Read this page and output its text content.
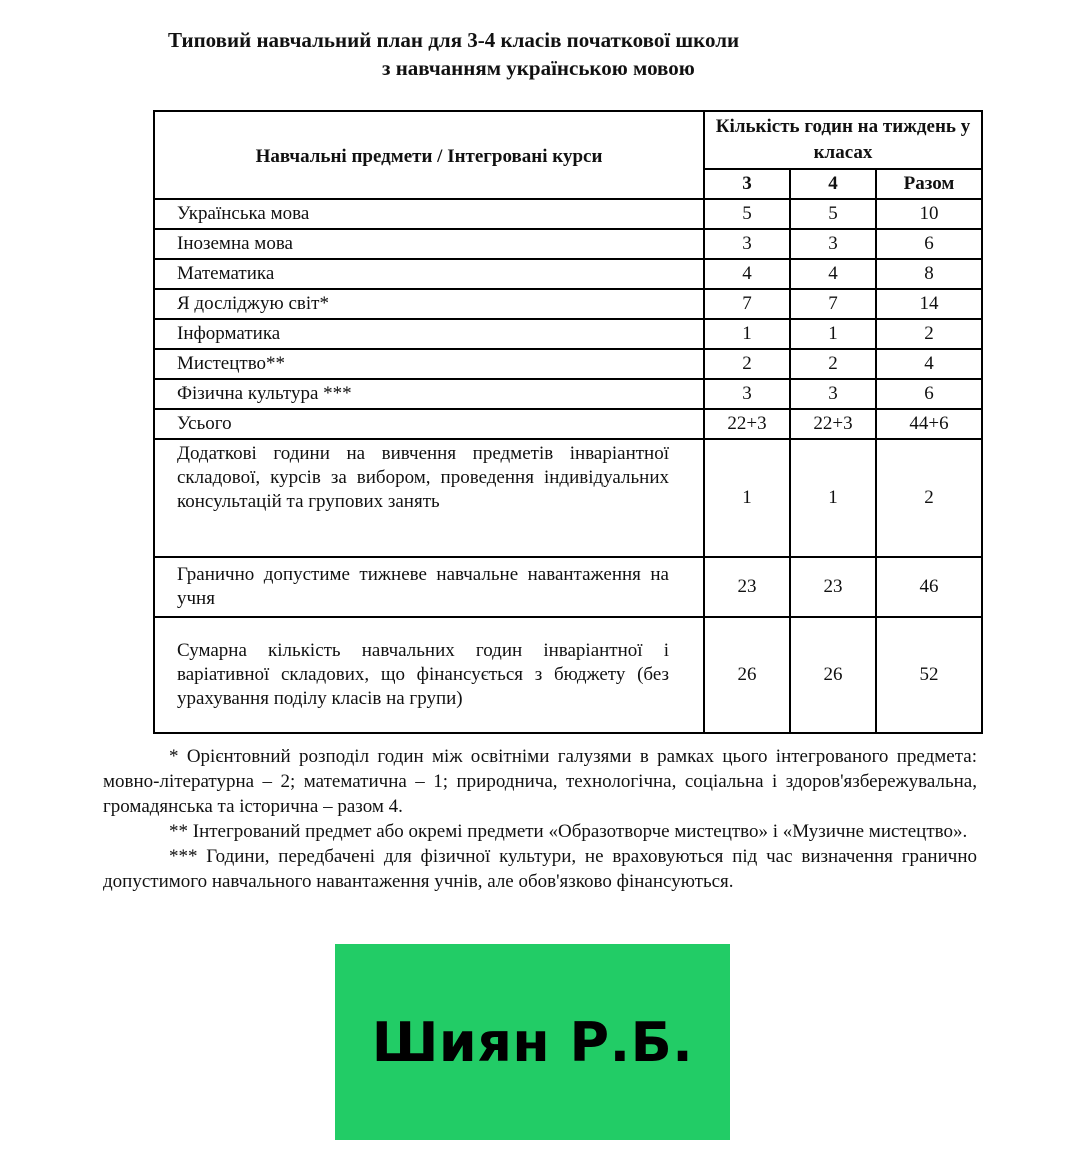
Типовий навчальний план для 3-4 класів початкової школи
з навчанням українською мовою
Навчальні предмети / Інтегровані курси	Кількість годин на тиждень у класах		
	3	4	Разом
Українська мова	5	5	10
Іноземна мова	3	3	6
Математика	4	4	8
Я досліджую світ*	7	7	14
Інформатика	1	1	2
Мистецтво**	2	2	4
Фізична культура ***	3	3	6
Усього	22+3	22+3	44+6
Додаткові години на вивчення предметів інваріантної складової, курсів за вибором, проведення індивідуальних консультацій та групових занять	1	1	2
Гранично допустиме тижневе навчальне навантаження на учня	23	23	46
Сумарна кількість навчальних годин інваріантної і варіативної складових, що фінансується з бюджету (без урахування поділу класів на групи)	26	26	52

* Орієнтовний розподіл годин між освітніми галузями в рамках цього інтегрованого предмета: мовно-літературна – 2; математична – 1; природнича, технологічна, соціальна і здоров'язбережувальна, громадянська та історична – разом 4.

** Інтегрований предмет або окремі предмети «Образотворче мистецтво» і «Музичне мистецтво».

*** Години, передбачені для фізичної культури, не враховуються під час визначення гранично допустимого навчального навантаження учнів, але обов'язково фінансуються.

Шиян Р.Б.
